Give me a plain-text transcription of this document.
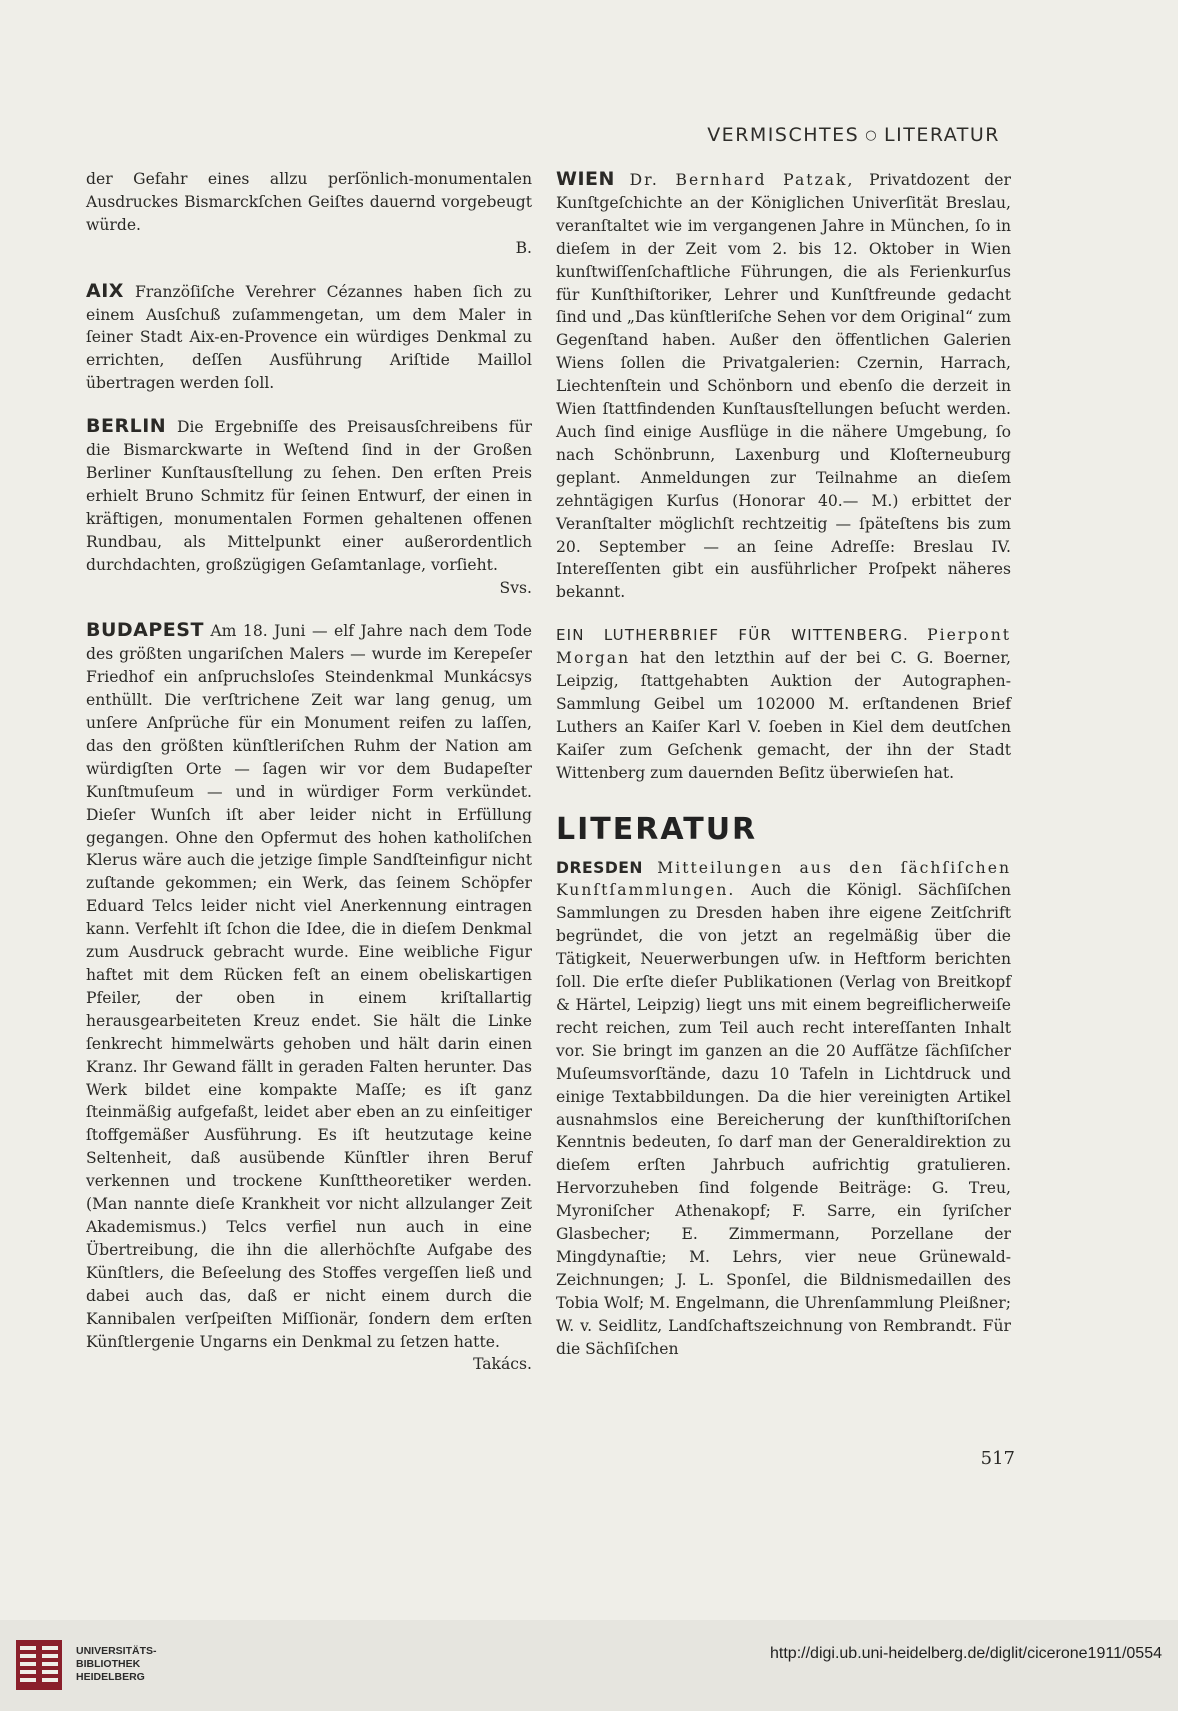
VERMISCHTES ○ LITERATUR

der Gefahr eines allzu perſönlich-monumentalen Ausdruckes Bismarckſchen Geiſtes dauernd vorgebeugt würde.
B.

AIX Franzöſiſche Verehrer Cézannes haben ſich zu einem Ausſchuß zuſammengetan, um dem Maler in ſeiner Stadt Aix-en-Provence ein würdiges Denkmal zu errichten, deſſen Ausführung Ariſtide Maillol übertragen werden ſoll.

BERLIN Die Ergebniſſe des Preisausſchreibens für die Bismarckwarte in Weſtend ſind in der Großen Berliner Kunſtausſtellung zu ſehen. Den erſten Preis erhielt Bruno Schmitz für ſeinen Entwurf, der einen in kräftigen, monumentalen Formen gehaltenen offenen Rundbau, als Mittelpunkt einer außerordentlich durchdachten, großzügigen Geſamtanlage, vorſieht.
Svs.

BUDAPEST Am 18. Juni — elf Jahre nach dem Tode des größten ungariſchen Malers — wurde im Kerepeſer Friedhof ein anſpruchsloſes Steindenkmal Munkácsys enthüllt. Die verſtrichene Zeit war lang genug, um unſere Anſprüche für ein Monument reifen zu laſſen, das den größten künſtleriſchen Ruhm der Nation am würdigſten Orte — ſagen wir vor dem Budapeſter Kunſtmuſeum — und in würdiger Form verkündet. Dieſer Wunſch iſt aber leider nicht in Erfüllung gegangen. Ohne den Opfermut des hohen katholiſchen Klerus wäre auch die jetzige ſimple Sandſteinfigur nicht zuſtande gekommen; ein Werk, das ſeinem Schöpfer Eduard Telcs leider nicht viel Anerkennung eintragen kann. Verfehlt iſt ſchon die Idee, die in dieſem Denkmal zum Ausdruck gebracht wurde. Eine weibliche Figur haftet mit dem Rücken feſt an einem obeliskartigen Pfeiler, der oben in einem kriſtallartig herausgearbeiteten Kreuz endet. Sie hält die Linke ſenkrecht himmelwärts gehoben und hält darin einen Kranz. Ihr Gewand fällt in geraden Falten herunter. Das Werk bildet eine kompakte Maſſe; es iſt ganz ſteinmäßig aufgefaßt, leidet aber eben an zu einſeitiger ſtoffgemäßer Ausführung. Es iſt heutzutage keine Seltenheit, daß ausübende Künſtler ihren Beruf verkennen und trockene Kunſttheoretiker werden. (Man nannte dieſe Krankheit vor nicht allzulanger Zeit Akademismus.) Telcs verfiel nun auch in eine Übertreibung, die ihn die allerhöchſte Aufgabe des Künſtlers, die Beſeelung des Stoffes vergeſſen ließ und dabei auch das, daß er nicht einem durch die Kannibalen verſpeiſten Miſſionär, ſondern dem erſten Künſtlergenie Ungarns ein Denkmal zu ſetzen hatte.
Takács.

WIEN Dr. Bernhard Patzak, Privatdozent der Kunſtgeſchichte an der Königlichen Univerſität Breslau, veranſtaltet wie im vergangenen Jahre in München, ſo in dieſem in der Zeit vom 2. bis 12. Oktober in Wien kunſtwiſſenſchaftliche Führungen, die als Ferienkurſus für Kunſthiſtoriker, Lehrer und Kunſtfreunde gedacht ſind und „Das künſtleriſche Sehen vor dem Original“ zum Gegenſtand haben. Außer den öffentlichen Galerien Wiens ſollen die Privatgalerien: Czernin, Harrach, Liechtenſtein und Schönborn und ebenſo die derzeit in Wien ſtattfindenden Kunſtausſtellungen beſucht werden. Auch ſind einige Ausflüge in die nähere Umgebung, ſo nach Schönbrunn, Laxenburg und Kloſterneuburg geplant. Anmeldungen zur Teilnahme an dieſem zehntägigen Kurſus (Honorar 40.— M.) erbittet der Veranſtalter möglichſt rechtzeitig — ſpäteſtens bis zum 20. September — an ſeine Adreſſe: Breslau IV. Intereſſenten gibt ein ausführlicher Proſpekt näheres bekannt.

EIN LUTHERBRIEF FÜR WITTENBERG. Pierpont Morgan hat den letzthin auf der bei C. G. Boerner, Leipzig, ſtattgehabten Auktion der Autographen-Sammlung Geibel um 102000 M. erſtandenen Brief Luthers an Kaiſer Karl V. ſoeben in Kiel dem deutſchen Kaiſer zum Geſchenk gemacht, der ihn der Stadt Wittenberg zum dauernden Beſitz überwieſen hat.

LITERATUR

DRESDEN Mitteilungen aus den ſächſiſchen Kunſtſammlungen. Auch die Königl. Sächſiſchen Sammlungen zu Dresden haben ihre eigene Zeitſchrift begründet, die von jetzt an regelmäßig über die Tätigkeit, Neuerwerbungen uſw. in Heftform berichten ſoll. Die erſte dieſer Publikationen (Verlag von Breitkopf & Härtel, Leipzig) liegt uns mit einem begreiflicherweiſe recht reichen, zum Teil auch recht intereſſanten Inhalt vor. Sie bringt im ganzen an die 20 Aufſätze ſächſiſcher Muſeumsvorſtände, dazu 10 Tafeln in Lichtdruck und einige Textabbildungen. Da die hier vereinigten Artikel ausnahmslos eine Bereicherung der kunſthiſtoriſchen Kenntnis bedeuten, ſo darf man der Generaldirektion zu dieſem erſten Jahrbuch aufrichtig gratulieren. Hervorzuheben ſind folgende Beiträge: G. Treu, Myroniſcher Athenakopf; F. Sarre, ein ſyriſcher Glasbecher; E. Zimmermann, Porzellane der Mingdynaſtie; M. Lehrs, vier neue Grünewald-Zeichnungen; J. L. Sponſel, die Bildnismedaillen des Tobia Wolf; M. Engelmann, die Uhrenſammlung Pleißner; W. v. Seidlitz, Landſchaftszeichnung von Rembrandt. Für die Sächſiſchen

517
UNIVERSITÄTS-
BIBLIOTHEK
HEIDELBERG
http://digi.ub.uni-heidelberg.de/diglit/cicerone1911/0554
